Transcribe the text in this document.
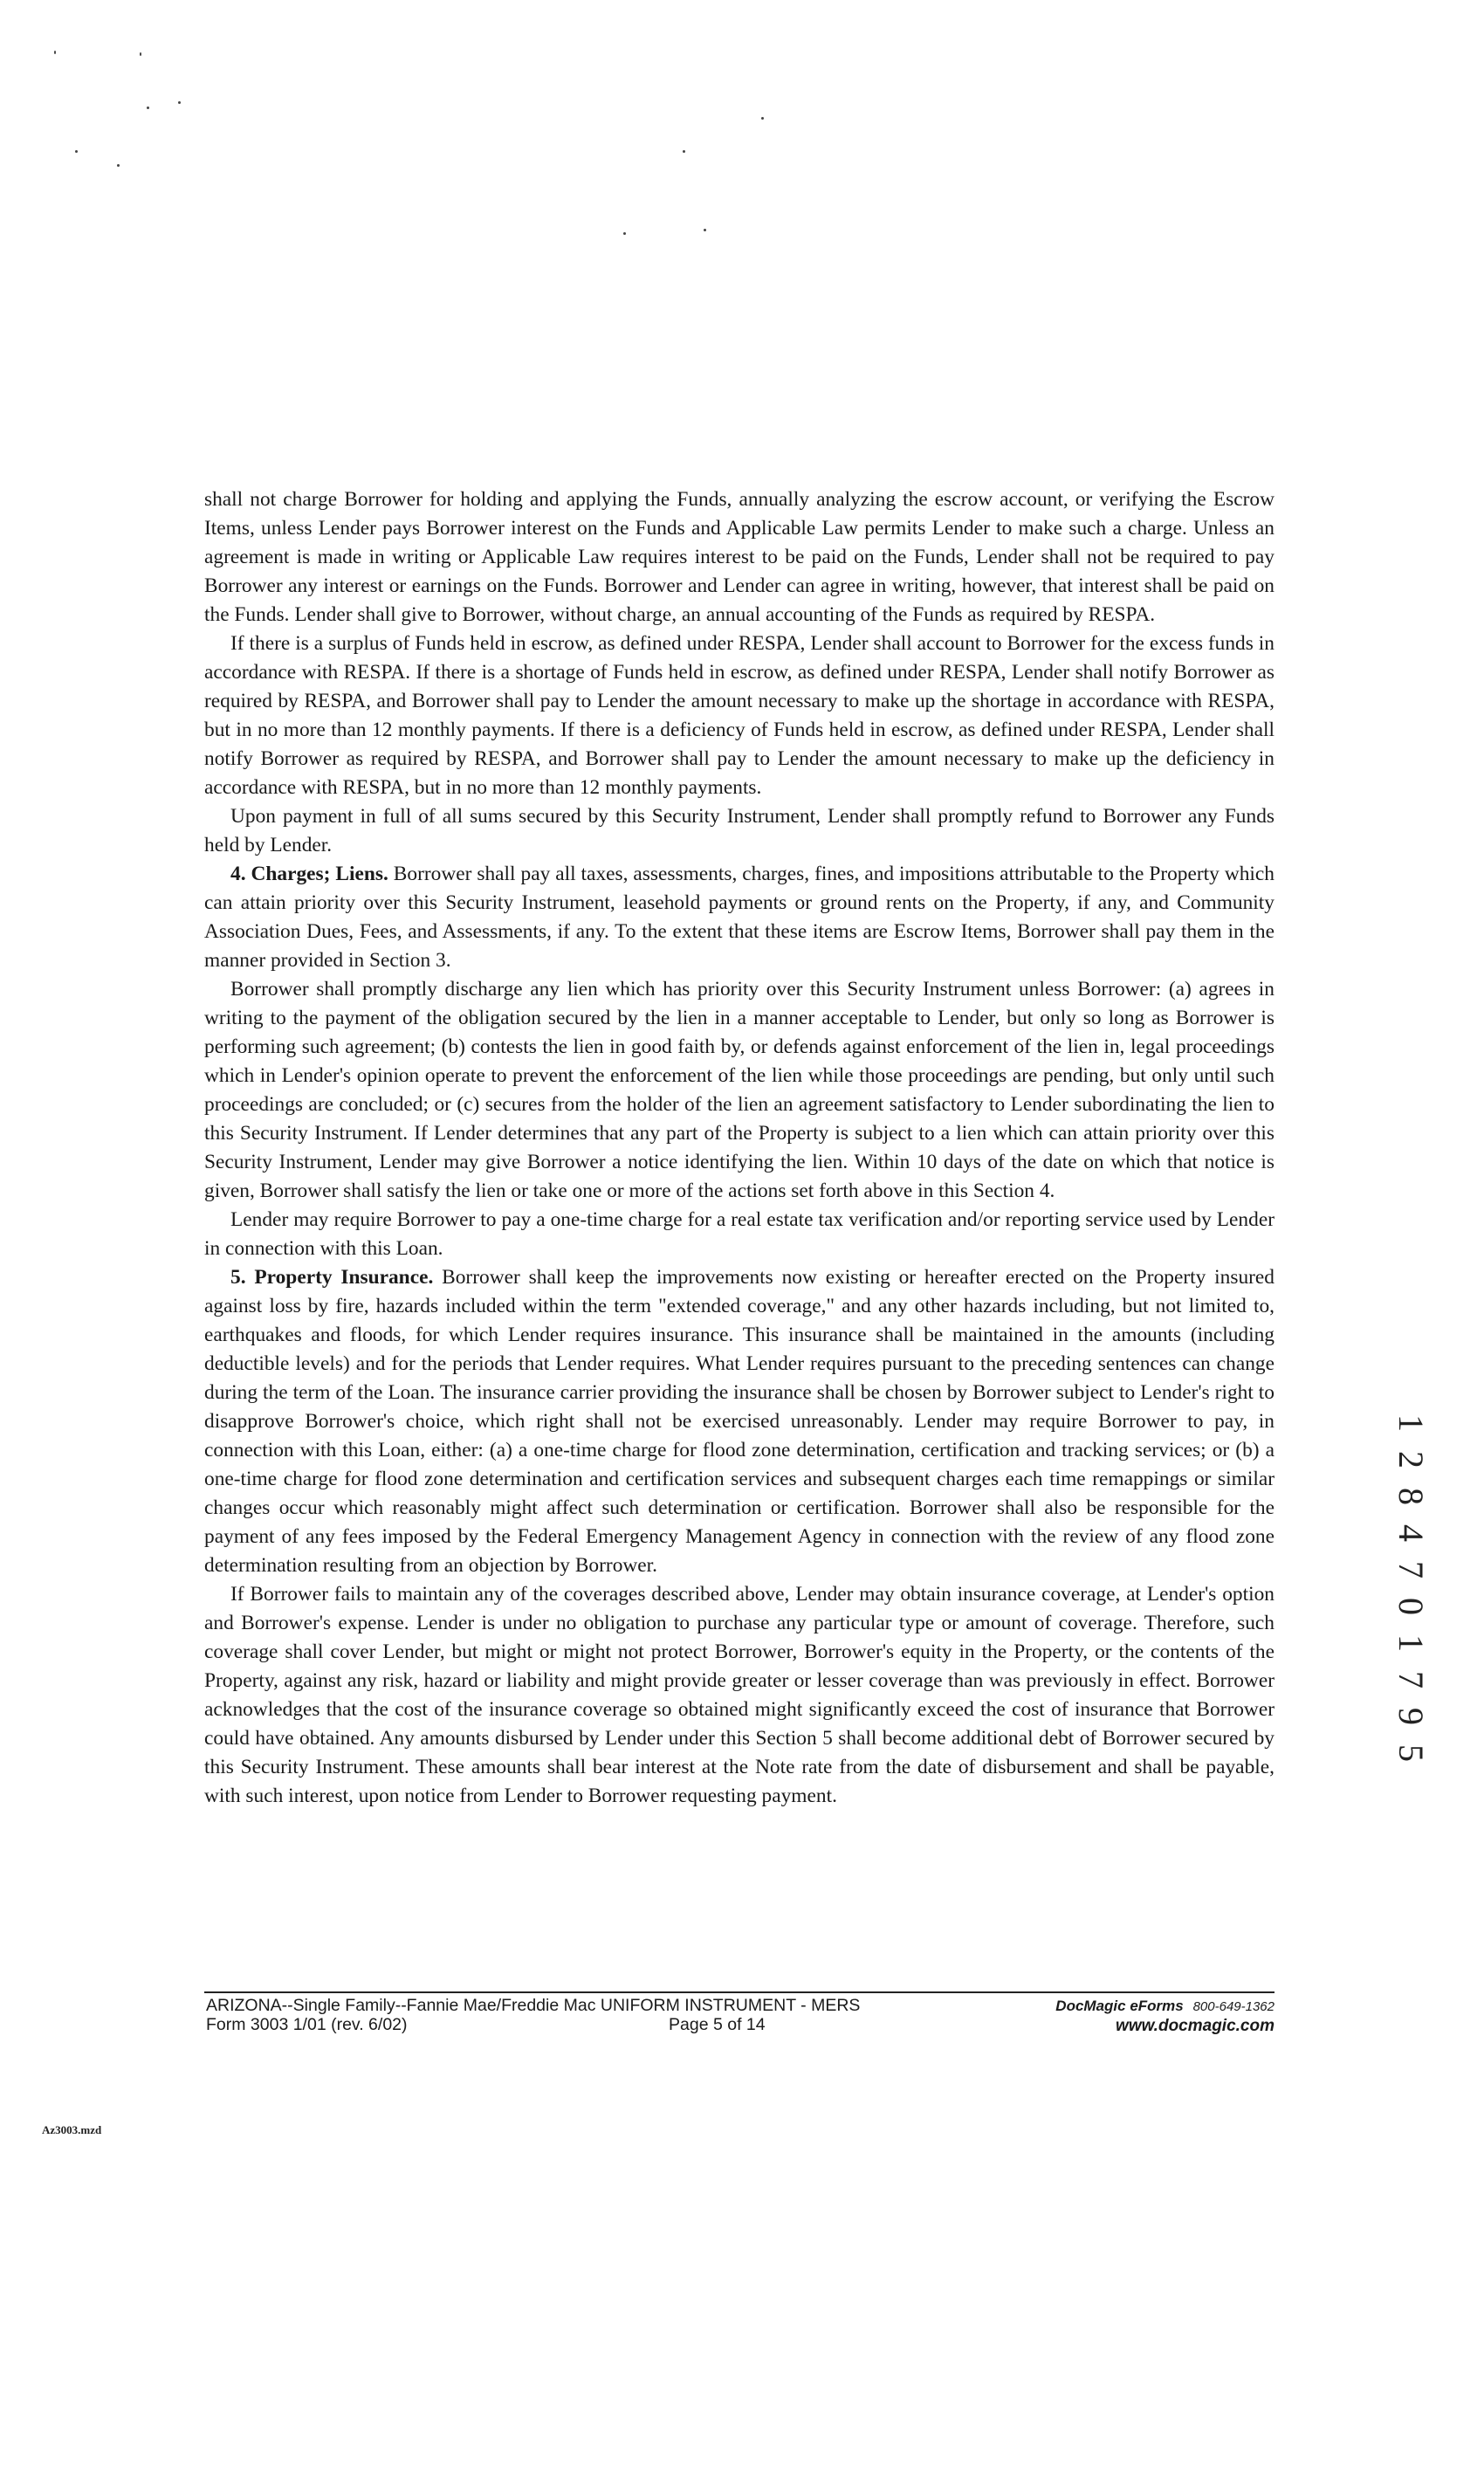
shall not charge Borrower for holding and applying the Funds, annually analyzing the escrow account, or verifying the Escrow Items, unless Lender pays Borrower interest on the Funds and Applicable Law permits Lender to make such a charge. Unless an agreement is made in writing or Applicable Law requires interest to be paid on the Funds, Lender shall not be required to pay Borrower any interest or earnings on the Funds. Borrower and Lender can agree in writing, however, that interest shall be paid on the Funds. Lender shall give to Borrower, without charge, an annual accounting of the Funds as required by RESPA.

If there is a surplus of Funds held in escrow, as defined under RESPA, Lender shall account to Borrower for the excess funds in accordance with RESPA. If there is a shortage of Funds held in escrow, as defined under RESPA, Lender shall notify Borrower as required by RESPA, and Borrower shall pay to Lender the amount necessary to make up the shortage in accordance with RESPA, but in no more than 12 monthly payments. If there is a deficiency of Funds held in escrow, as defined under RESPA, Lender shall notify Borrower as required by RESPA, and Borrower shall pay to Lender the amount necessary to make up the deficiency in accordance with RESPA, but in no more than 12 monthly payments.

Upon payment in full of all sums secured by this Security Instrument, Lender shall promptly refund to Borrower any Funds held by Lender.

4. Charges; Liens. Borrower shall pay all taxes, assessments, charges, fines, and impositions attributable to the Property which can attain priority over this Security Instrument, leasehold payments or ground rents on the Property, if any, and Community Association Dues, Fees, and Assessments, if any. To the extent that these items are Escrow Items, Borrower shall pay them in the manner provided in Section 3.

Borrower shall promptly discharge any lien which has priority over this Security Instrument unless Borrower: (a) agrees in writing to the payment of the obligation secured by the lien in a manner acceptable to Lender, but only so long as Borrower is performing such agreement; (b) contests the lien in good faith by, or defends against enforcement of the lien in, legal proceedings which in Lender's opinion operate to prevent the enforcement of the lien while those proceedings are pending, but only until such proceedings are concluded; or (c) secures from the holder of the lien an agreement satisfactory to Lender subordinating the lien to this Security Instrument. If Lender determines that any part of the Property is subject to a lien which can attain priority over this Security Instrument, Lender may give Borrower a notice identifying the lien. Within 10 days of the date on which that notice is given, Borrower shall satisfy the lien or take one or more of the actions set forth above in this Section 4.

Lender may require Borrower to pay a one-time charge for a real estate tax verification and/or reporting service used by Lender in connection with this Loan.

5. Property Insurance. Borrower shall keep the improvements now existing or hereafter erected on the Property insured against loss by fire, hazards included within the term "extended coverage," and any other hazards including, but not limited to, earthquakes and floods, for which Lender requires insurance. This insurance shall be maintained in the amounts (including deductible levels) and for the periods that Lender requires. What Lender requires pursuant to the preceding sentences can change during the term of the Loan. The insurance carrier providing the insurance shall be chosen by Borrower subject to Lender's right to disapprove Borrower's choice, which right shall not be exercised unreasonably. Lender may require Borrower to pay, in connection with this Loan, either: (a) a one-time charge for flood zone determination, certification and tracking services; or (b) a one-time charge for flood zone determination and certification services and subsequent charges each time remappings or similar changes occur which reasonably might affect such determination or certification. Borrower shall also be responsible for the payment of any fees imposed by the Federal Emergency Management Agency in connection with the review of any flood zone determination resulting from an objection by Borrower.

If Borrower fails to maintain any of the coverages described above, Lender may obtain insurance coverage, at Lender's option and Borrower's expense. Lender is under no obligation to purchase any particular type or amount of coverage. Therefore, such coverage shall cover Lender, but might or might not protect Borrower, Borrower's equity in the Property, or the contents of the Property, against any risk, hazard or liability and might provide greater or lesser coverage than was previously in effect. Borrower acknowledges that the cost of the insurance coverage so obtained might significantly exceed the cost of insurance that Borrower could have obtained. Any amounts disbursed by Lender under this Section 5 shall become additional debt of Borrower secured by this Security Instrument. These amounts shall bear interest at the Note rate from the date of disbursement and shall be payable, with such interest, upon notice from Lender to Borrower requesting payment.

1 2 8 4 7 0 1 7 9 5
ARIZONA--Single Family--Fannie Mae/Freddie Mac UNIFORM INSTRUMENT - MERS
Form 3003 1/01 (rev. 6/02)	Page 5 of 14
DocMagic eForms 800-649-1362
www.docmagic.com
Az3003.mzd
